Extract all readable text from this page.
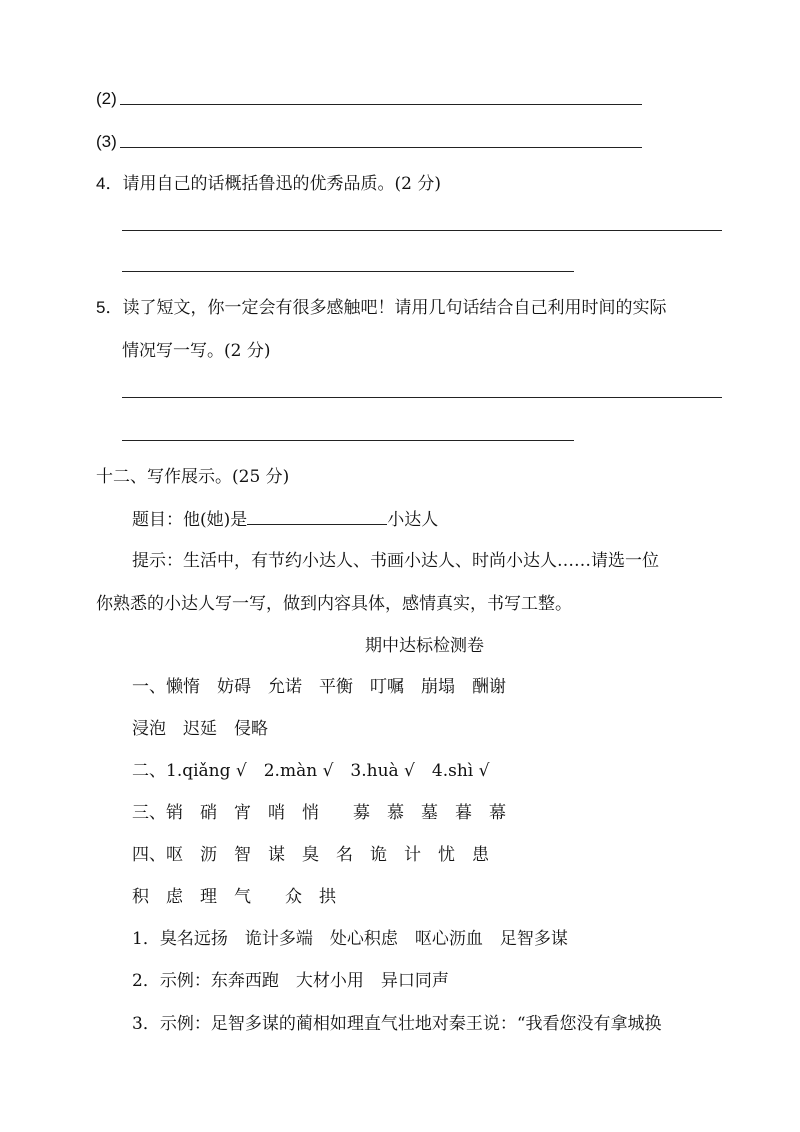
(2)
(3)
4．请用自己的话概括鲁迅的优秀品质。(2 分)
5．读了短文，你一定会有很多感触吧！请用几句话结合自己利用时间的实际
情况写一写。(2 分)
十二、写作展示。(25 分)
题目：他(她)是	小达人
提示：生活中，有节约小达人、书画小达人、时尚小达人……请选一位
你熟悉的小达人写一写，做到内容具体，感情真实，书写工整。
期中达标检测卷
一、懒惰　妨碍　允诺　平衡　叮嘱　崩塌　酬谢
浸泡　迟延　侵略
二、1.qiǎng √　2.màn √　3.huà √　4.shì √
三、销　硝　宵　哨　悄　　募　慕　墓　暮　幕
四、呕　沥　智　谋　臭　名　诡　计　忧　患
积　虑　理　气　　众　拱
1．臭名远扬　诡计多端　处心积虑　呕心沥血　足智多谋
2．示例：东奔西跑　大材小用　异口同声
3．示例：足智多谋的蔺相如理直气壮地对秦王说：“我看您没有拿城换
